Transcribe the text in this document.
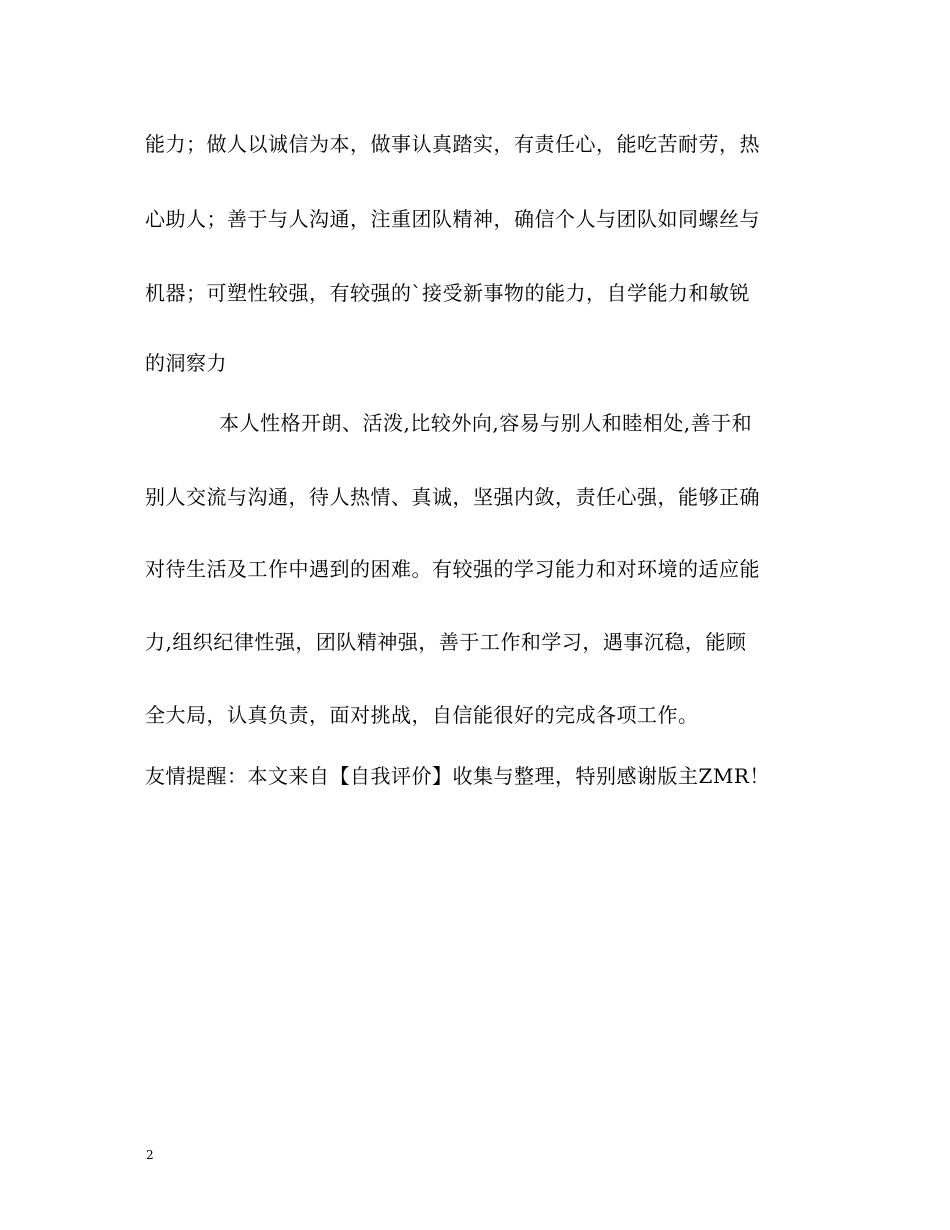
能力；做人以诚信为本，做事认真踏实，有责任心，能吃苦耐劳，热
心助人；善于与人沟通，注重团队精神，确信个人与团队如同螺丝与
机器；可塑性较强，有较强的`接受新事物的能力，自学能力和敏锐
的洞察力
本人性格开朗、活泼,比较外向,容易与别人和睦相处,善于和
别人交流与沟通，待人热情、真诚，坚强内敛，责任心强，能够正确
对待生活及工作中遇到的困难。有较强的学习能力和对环境的适应能
力,组织纪律性强，团队精神强，善于工作和学习，遇事沉稳，能顾
全大局，认真负责，面对挑战，自信能很好的完成各项工作。
友情提醒：本文来自【自我评价】收集与整理，特别感谢版主ZMR！
2
